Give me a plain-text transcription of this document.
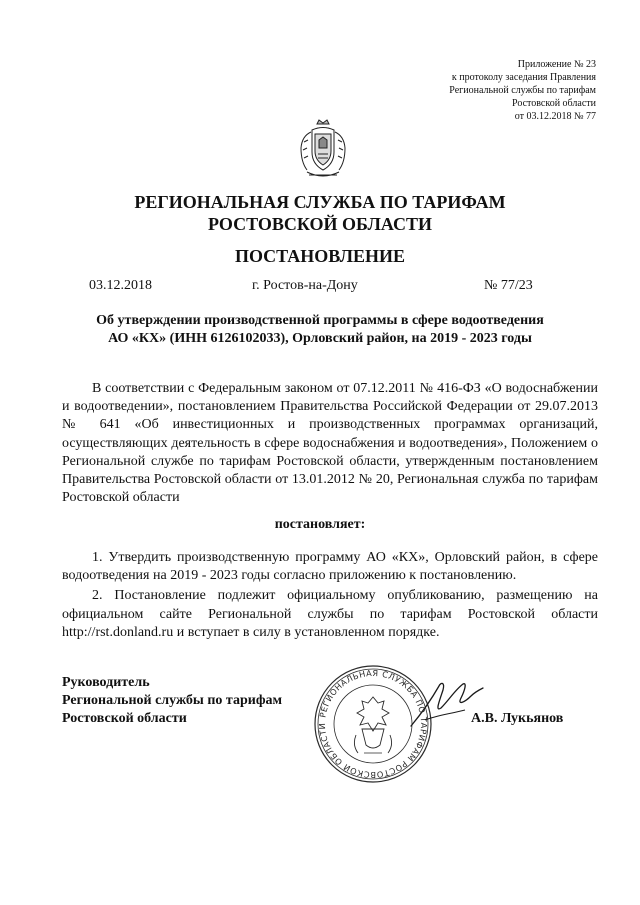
Приложение № 23
к протоколу заседания Правления
Региональной службы по тарифам
Ростовской области
от 03.12.2018 № 77
РЕГИОНАЛЬНАЯ СЛУЖБА ПО ТАРИФАМ
РОСТОВСКОЙ ОБЛАСТИ
ПОСТАНОВЛЕНИЕ
03.12.2018	г. Ростов-на-Дону	№ 77/23
Об утверждении производственной программы в сфере водоотведения
АО «КХ» (ИНН 6126102033), Орловский район, на 2019 - 2023 годы
В соответствии с Федеральным законом от 07.12.2011 № 416-ФЗ «О водоснабжении и водоотведении», постановлением Правительства Российской Федерации от 29.07.2013 № 641 «Об инвестиционных и производственных программах организаций, осуществляющих деятельность в сфере водоснабжения и водоотведения», Положением о Региональной службе по тарифам Ростовской области, утвержденным постановлением Правительства Ростовской области от 13.01.2012 № 20, Региональная служба по тарифам Ростовской области
постановляет:
1. Утвердить производственную программу АО «КХ», Орловский район, в сфере водоотведения на 2019 - 2023 годы согласно приложению к постановлению.
2. Постановление подлежит официальному опубликованию, размещению на официальном сайте Региональной службы по тарифам Ростовской области http://rst.donland.ru и вступает в силу в установленном порядке.
РЕГИОНАЛЬНАЯ СЛУЖБА ПО ТАРИФАМ РОСТОВСКОЙ ОБЛАСТИ
Руководитель
Региональной службы по тарифам
Ростовской области	А.В. Лукьянов
